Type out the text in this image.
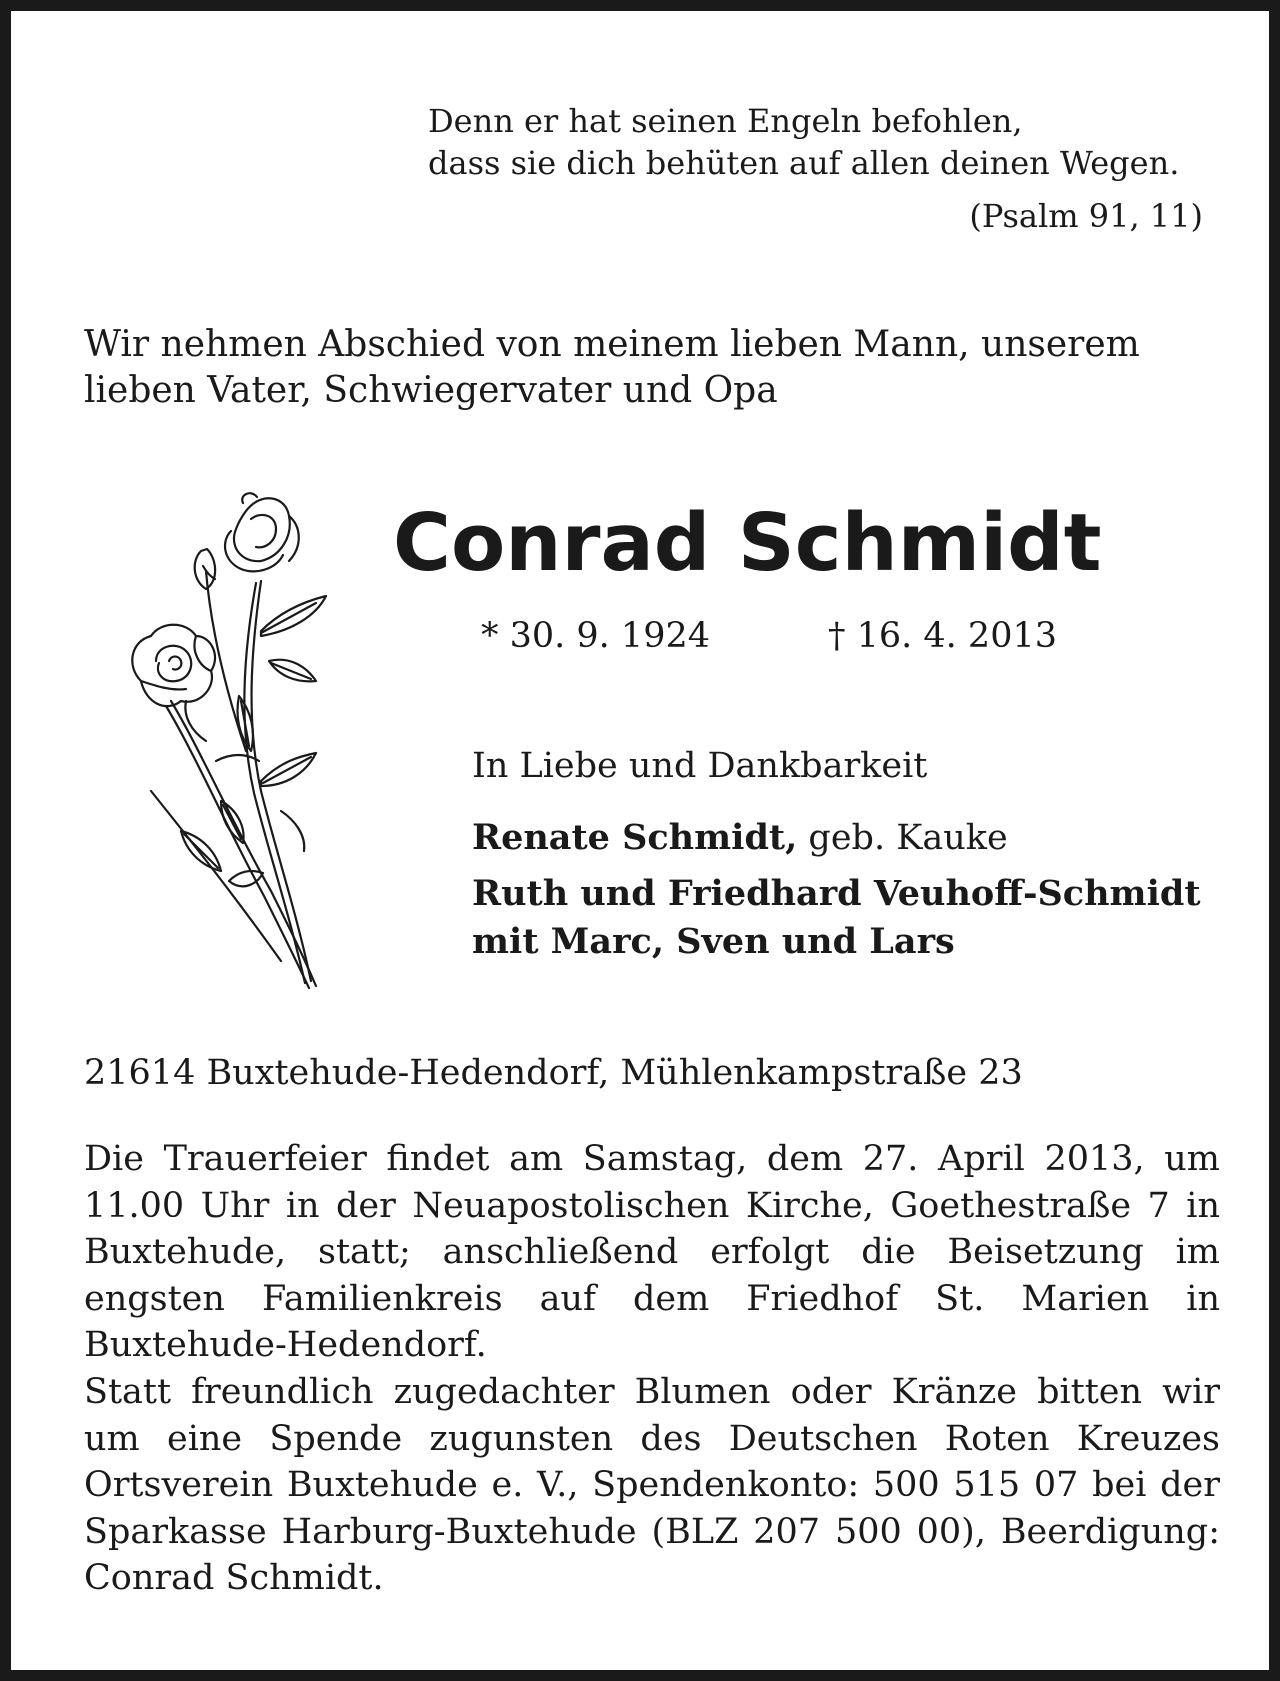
Denn er hat seinen Engeln befohlen,
dass sie dich behüten auf allen deinen Wegen.
(Psalm 91, 11)
Wir nehmen Abschied von meinem lieben Mann, unserem
lieben Vater, Schwiegervater und Opa
Conrad Schmidt
* 30. 9. 1924	† 16. 4. 2013
In Liebe und Dankbarkeit
Renate Schmidt, geb. Kauke
Ruth und Friedhard Veuhoff-Schmidt
mit Marc, Sven und Lars
21614 Buxtehude-Hedendorf, Mühlenkampstraße 23
Die Trauerfeier findet am Samstag, dem 27. April 2013, um 11.00 Uhr in der Neuapostolischen Kirche, Goethestraße 7 in Buxtehude, statt; anschließend erfolgt die Beisetzung im engsten Familienkreis auf dem Friedhof St. Marien in Buxtehude-Hedendorf.
Statt freundlich zugedachter Blumen oder Kränze bitten wir um eine Spende zugunsten des Deutschen Roten Kreuzes Ortsverein Buxtehude e. V., Spendenkonto: 500 515 07 bei der Sparkasse Harburg-Buxtehude (BLZ 207 500 00), Beerdigung: Conrad Schmidt.
